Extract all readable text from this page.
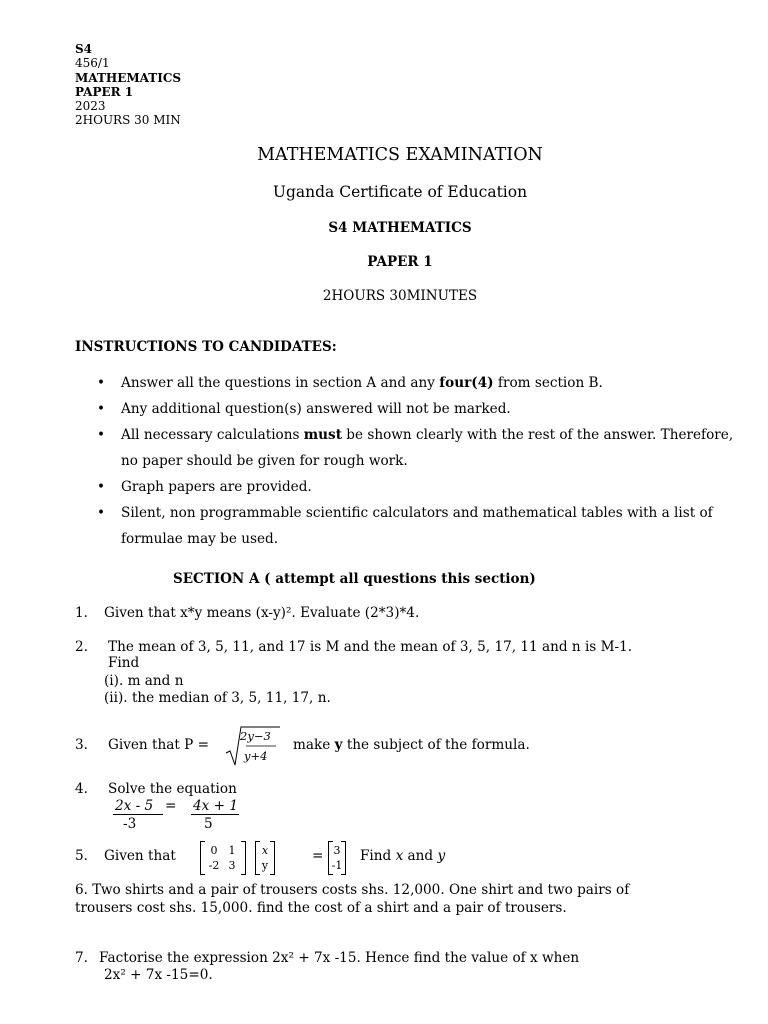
S4
456/1
MATHEMATICS
PAPER 1
2023
2HOURS 30 MIN
MATHEMATICS EXAMINATION
Uganda Certificate of Education
S4 MATHEMATICS
PAPER 1
2HOURS 30MINUTES
INSTRUCTIONS TO CANDIDATES:
• Answer all the questions in section A and any four(4) from section B.
• Any additional question(s) answered will not be marked.
• All necessary calculations must be shown clearly with the rest of the answer. Therefore, no paper should be given for rough work.
• Graph papers are provided.
• Silent, non programmable scientific calculators and mathematical tables with a list of formulae may be used.
SECTION A ( attempt all questions this section)
1. Given that x*y means (x-y)². Evaluate (2*3)*4.
2. The mean of 3, 5, 11, and 17 is M and the mean of 3, 5, 17, 11 and n is M-1.
Find
(i). m and n
(ii). the median of 3, 5, 11, 17, n.
3. Given that P =
2y−3
y+4
make y the subject of the formula.
4. Solve the equation
2x - 5 = 4x + 1
-3	5
5. Given that	0 1
-2 3
x
y
= 3
-1
Find x and y
6. Two shirts and a pair of trousers costs shs. 12,000. One shirt and two pairs of
trousers cost shs. 15,000. find the cost of a shirt and a pair of trousers.
7. Factorise the expression 2x² + 7x -15. Hence find the value of x when
2x² + 7x -15=0.
